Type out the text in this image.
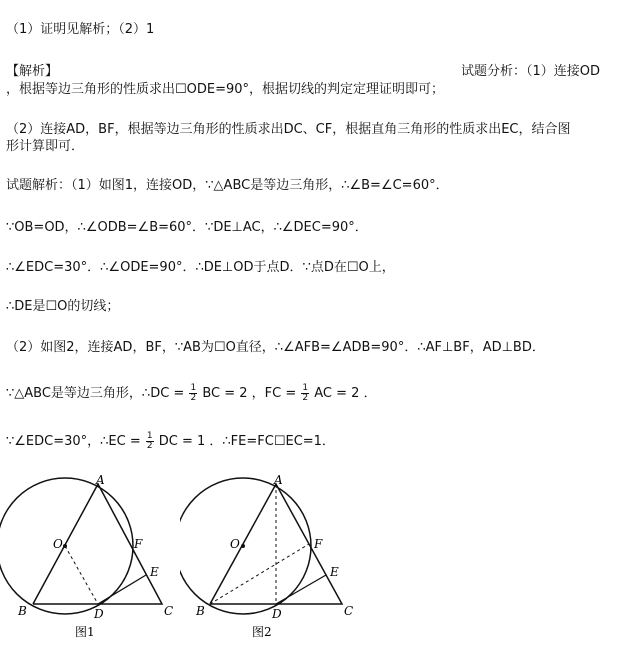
（1）证明见解析；（2）1
【解析】	试题分析：（1）连接OD
，根据等边三角形的性质求出☐ODE=90°，根据切线的判定定理证明即可；
（2）连接AD，BF，根据等边三角形的性质求出DC、CF，根据直角三角形的性质求出EC，结合图
形计算即可．
试题解析：（1）如图1，连接OD，∵△ABC是等边三角形，∴∠B=∠C=60°．
∵OB=OD，∴∠ODB=∠B=60°．∵DE⊥AC，∴∠DEC=90°．
∴∠EDC=30°．∴∠ODE=90°．∴DE⊥OD于点D．∵点D在☐O上，
∴DE是☐O的切线；
（2）如图2，连接AD，BF，∵AB为☐O直径，∴∠AFB=∠ADB=90°．∴AF⊥BF，AD⊥BD．
∵△ABC是等边三角形，∴DC = $\frac{1}{2}$ BC = 2 ，FC = $\frac{1}{2}$ AC = 2 ．
∵∠EDC=30°，∴EC = $\frac{1}{2}$ DC = 1 ．∴FE=FC☐EC=1．
A
O	F
E
B	D	C
图1
A
O	F
E
B	D	C
图2
